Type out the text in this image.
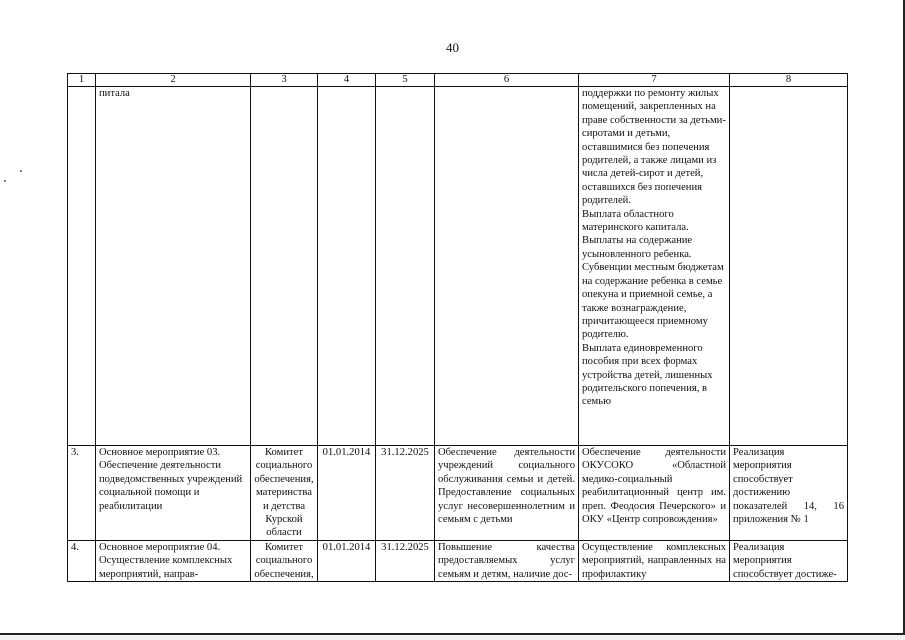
40
1	2	3	4	5	6	7	8
	питала					поддержки по ремонту жилых помещений, закрепленных на праве собственности за детьми-сиротами и детьми, оставшимися без попечения родителей, а также лицами из числа детей-сирот и детей, оставшихся без попечения родителей.

Выплата областного материнского капитала.

Выплаты на содержание усыновленного ребенка.

Субвенции местным бюджетам на содержание ребенка в семье опекуна и приемной семье, а также вознаграждение, причитающееся приемному родителю.

Выплата единовременного пособия при всех формах устройства детей, лишенных родительского попечения, в семью	

3.	Основное мероприятие 03. Обеспечение деятельности подведомственных учреждений социальной помощи и реабилитации	Комитет социального обеспечения, материнства и детства Курской области	01.01.2014	31.12.2025	Обеспечение деятельности учреждений социального обслуживания семьи и детей. Предоставление социальных услуг несовершеннолетним и семьям с детьми	Обеспечение деятельности ОКУСОКО «Областной медико-социальный реабилитационный центр им. преп. Феодосия Печерского» и ОКУ «Центр сопровождения»	Реализация мероприятия способствует достижению показателей 14, 16 приложения № 1
4.	Основное мероприятие 04. Осуществление комплексных мероприятий, направ-	Комитет социального обеспечения,	01.01.2014	31.12.2025	Повышение качества предоставляемых услуг семьям и детям, наличие дос-	Осуществление комплексных мероприятий, направленных на профилактику	Реализация мероприятия способствует достиже-
